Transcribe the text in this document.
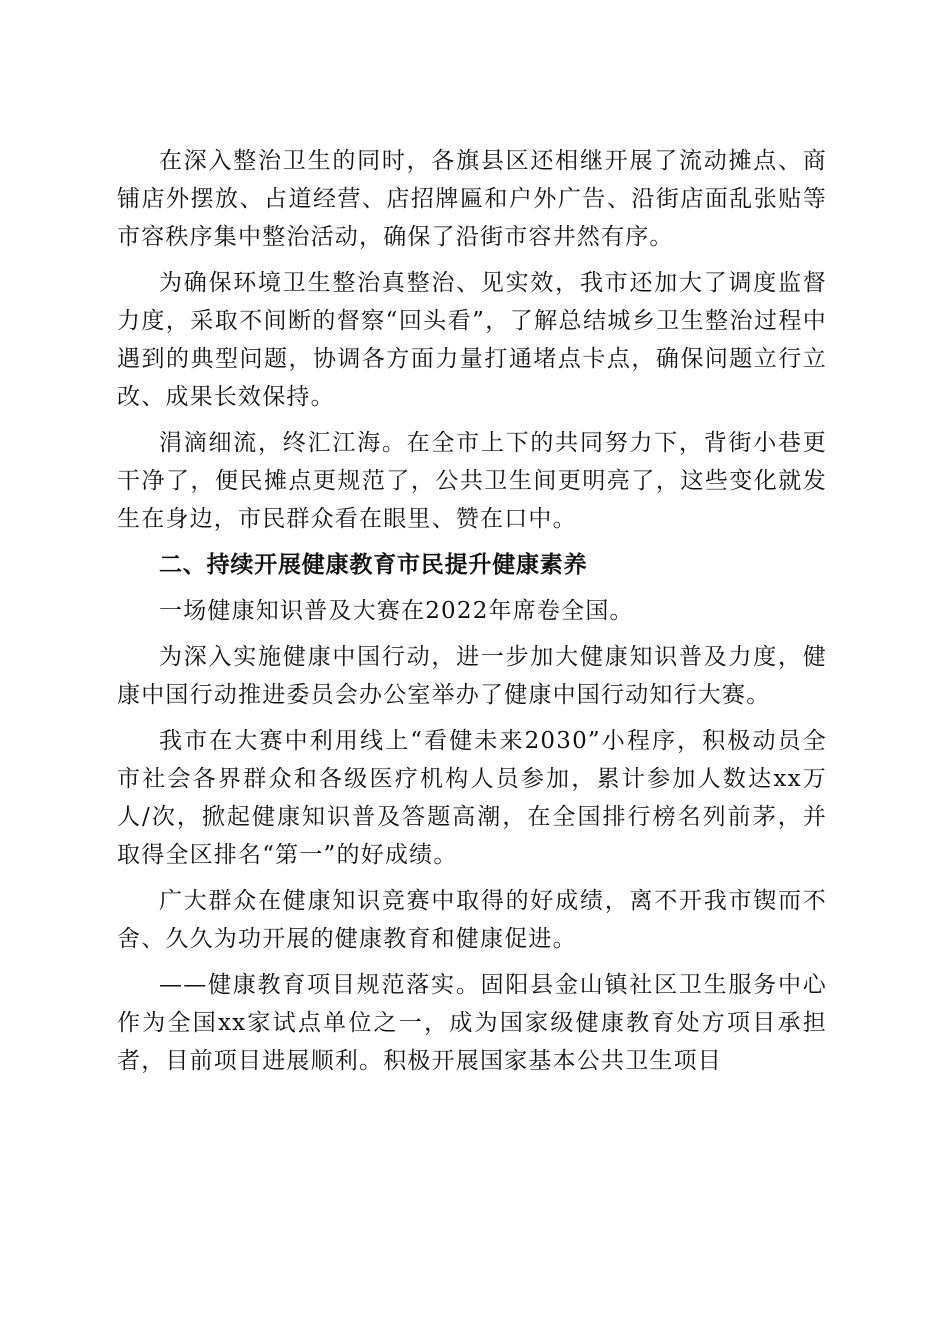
在深入整治卫生的同时，各旗县区还相继开展了流动摊点、商铺店外摆放、占道经营、店招牌匾和户外广告、沿街店面乱张贴等市容秩序集中整治活动，确保了沿街市容井然有序。

为确保环境卫生整治真整治、见实效，我市还加大了调度监督力度，采取不间断的督察“回头看”，了解总结城乡卫生整治过程中遇到的典型问题，协调各方面力量打通堵点卡点，确保问题立行立改、成果长效保持。

涓滴细流，终汇江海。在全市上下的共同努力下，背街小巷更干净了，便民摊点更规范了，公共卫生间更明亮了，这些变化就发生在身边，市民群众看在眼里、赞在口中。

二、持续开展健康教育市民提升健康素养

一场健康知识普及大赛在2022年席卷全国。

为深入实施健康中国行动，进一步加大健康知识普及力度，健康中国行动推进委员会办公室举办了健康中国行动知行大赛。

我市在大赛中利用线上“看健未来2030”小程序，积极动员全市社会各界群众和各级医疗机构人员参加，累计参加人数达xx万人/次，掀起健康知识普及答题高潮，在全国排行榜名列前茅，并取得全区排名“第一”的好成绩。

广大群众在健康知识竞赛中取得的好成绩，离不开我市锲而不舍、久久为功开展的健康教育和健康促进。

——健康教育项目规范落实。固阳县金山镇社区卫生服务中心作为全国xx家试点单位之一，成为国家级健康教育处方项目承担者，目前项目进展顺利。积极开展国家基本公共卫生项目
